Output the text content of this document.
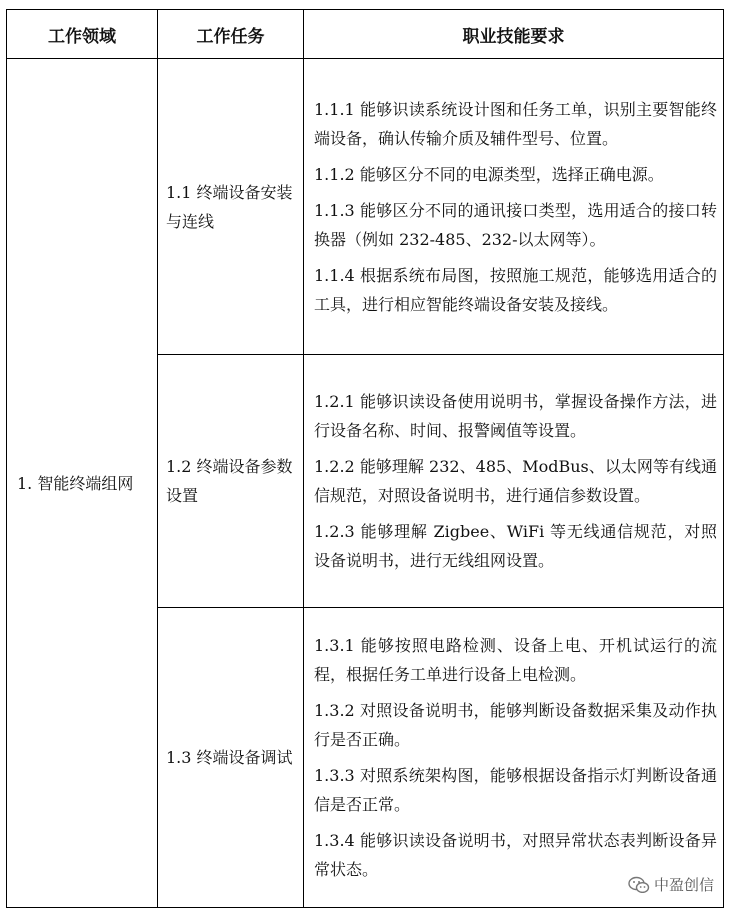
工作领域	工作任务	职业技能要求
1. 智能终端组网	1.1 终端设备安装与连线	1.1.1 能够识读系统设计图和任务工单，识别主要智能终端设备，确认传输介质及辅件型号、位置。

1.1.2 能够区分不同的电源类型，选择正确电源。

1.1.3 能够区分不同的通讯接口类型，选用适合的接口转换器（例如 232-485、232-以太网等）。

1.1.4 根据系统布局图，按照施工规范，能够选用适合的工具，进行相应智能终端设备安装及接线。

	1.2 终端设备参数设置	1.2.1 能够识读设备使用说明书，掌握设备操作方法，进行设备名称、时间、报警阈值等设置。

1.2.2 能够理解 232、485、ModBus、以太网等有线通信规范，对照设备说明书，进行通信参数设置。

1.2.3 能够理解 Zigbee、WiFi 等无线通信规范，对照设备说明书，进行无线组网设置。

	1.3 终端设备调试	1.3.1 能够按照电路检测、设备上电、开机试运行的流程，根据任务工单进行设备上电检测。

1.3.2 对照设备说明书，能够判断设备数据采集及动作执行是否正确。

1.3.3 对照系统架构图，能够根据设备指示灯判断设备通信是否正常。

1.3.4 能够识读设备说明书，对照异常状态表判断设备异常状态。

中盈创信
